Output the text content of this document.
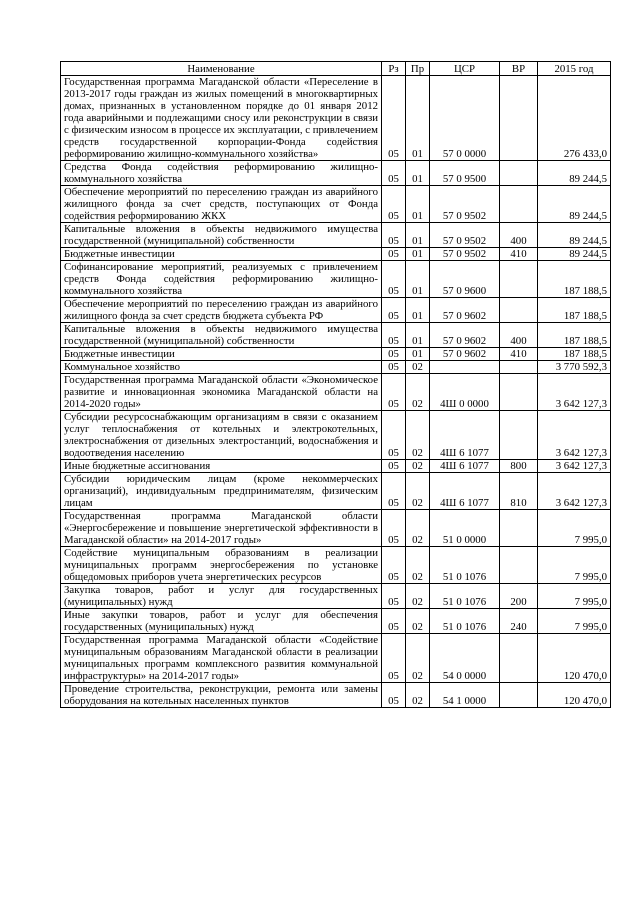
Наименование	Рз	Пр	ЦСР	ВР	2015 год
Государственная программа Магаданской области «Переселение в 2013-2017 годы граждан из жилых помещений в многоквартирных домах, признанных в установленном порядке до 01 января 2012 года аварийными и подлежащими сносу или реконструкции в связи с физическим износом в процессе их эксплуатации, с привлечением средств государственной корпорации-Фонда содействия реформированию жилищно-коммунального хозяйства»	05	01	57 0 0000		276 433,0
Средства Фонда содействия реформированию жилищно-коммунального хозяйства	05	01	57 0 9500		89 244,5
Обеспечение мероприятий по переселению граждан из аварийного жилищного фонда за счет средств, поступающих от Фонда содействия реформированию ЖКХ	05	01	57 0 9502		89 244,5
Капитальные вложения в объекты недвижимого имущества государственной (муниципальной) собственности	05	01	57 0 9502	400	89 244,5
Бюджетные инвестиции	05	01	57 0 9502	410	89 244,5
Софинансирование мероприятий, реализуемых с привлечением средств Фонда содействия реформированию жилищно-коммунального хозяйства	05	01	57 0 9600		187 188,5
Обеспечение мероприятий по переселению граждан из аварийного жилищного фонда за счет средств бюджета субъекта РФ	05	01	57 0 9602		187 188,5
Капитальные вложения в объекты недвижимого имущества государственной (муниципальной) собственности	05	01	57 0 9602	400	187 188,5
Бюджетные инвестиции	05	01	57 0 9602	410	187 188,5
Коммунальное хозяйство	05	02			3 770 592,3
Государственная программа Магаданской области «Экономическое развитие и инновационная экономика Магаданской области на 2014-2020 годы»	05	02	4Ш 0 0000		3 642 127,3
Субсидии ресурсоснабжающим организациям в связи с оказанием услуг теплоснабжения от котельных и электрокотельных, электроснабжения от дизельных электростанций, водоснабжения и водоотведения населению	05	02	4Ш 6 1077		3 642 127,3
Иные бюджетные ассигнования	05	02	4Ш 6 1077	800	3 642 127,3
Субсидии юридическим лицам (кроме некоммерческих организаций), индивидуальным предпринимателям, физическим лицам	05	02	4Ш 6 1077	810	3 642 127,3
Государственная программа Магаданской области «Энергосбережение и повышение энергетической эффективности в Магаданской области» на 2014-2017 годы»	05	02	51 0 0000		7 995,0
Содействие муниципальным образованиям в реализации муниципальных программ энергосбережения по установке общедомовых приборов учета энергетических ресурсов	05	02	51 0 1076		7 995,0
Закупка товаров, работ и услуг для государственных (муниципальных) нужд	05	02	51 0 1076	200	7 995,0
Иные закупки товаров, работ и услуг для обеспечения государственных (муниципальных) нужд	05	02	51 0 1076	240	7 995,0
Государственная программа Магаданской области «Содействие муниципальным образованиям Магаданской области в реализации муниципальных программ комплексного развития коммунальной инфраструктуры» на 2014-2017 годы»	05	02	54 0 0000		120 470,0
Проведение строительства, реконструкции, ремонта или замены оборудования на котельных населенных пунктов	05	02	54 1 0000		120 470,0
